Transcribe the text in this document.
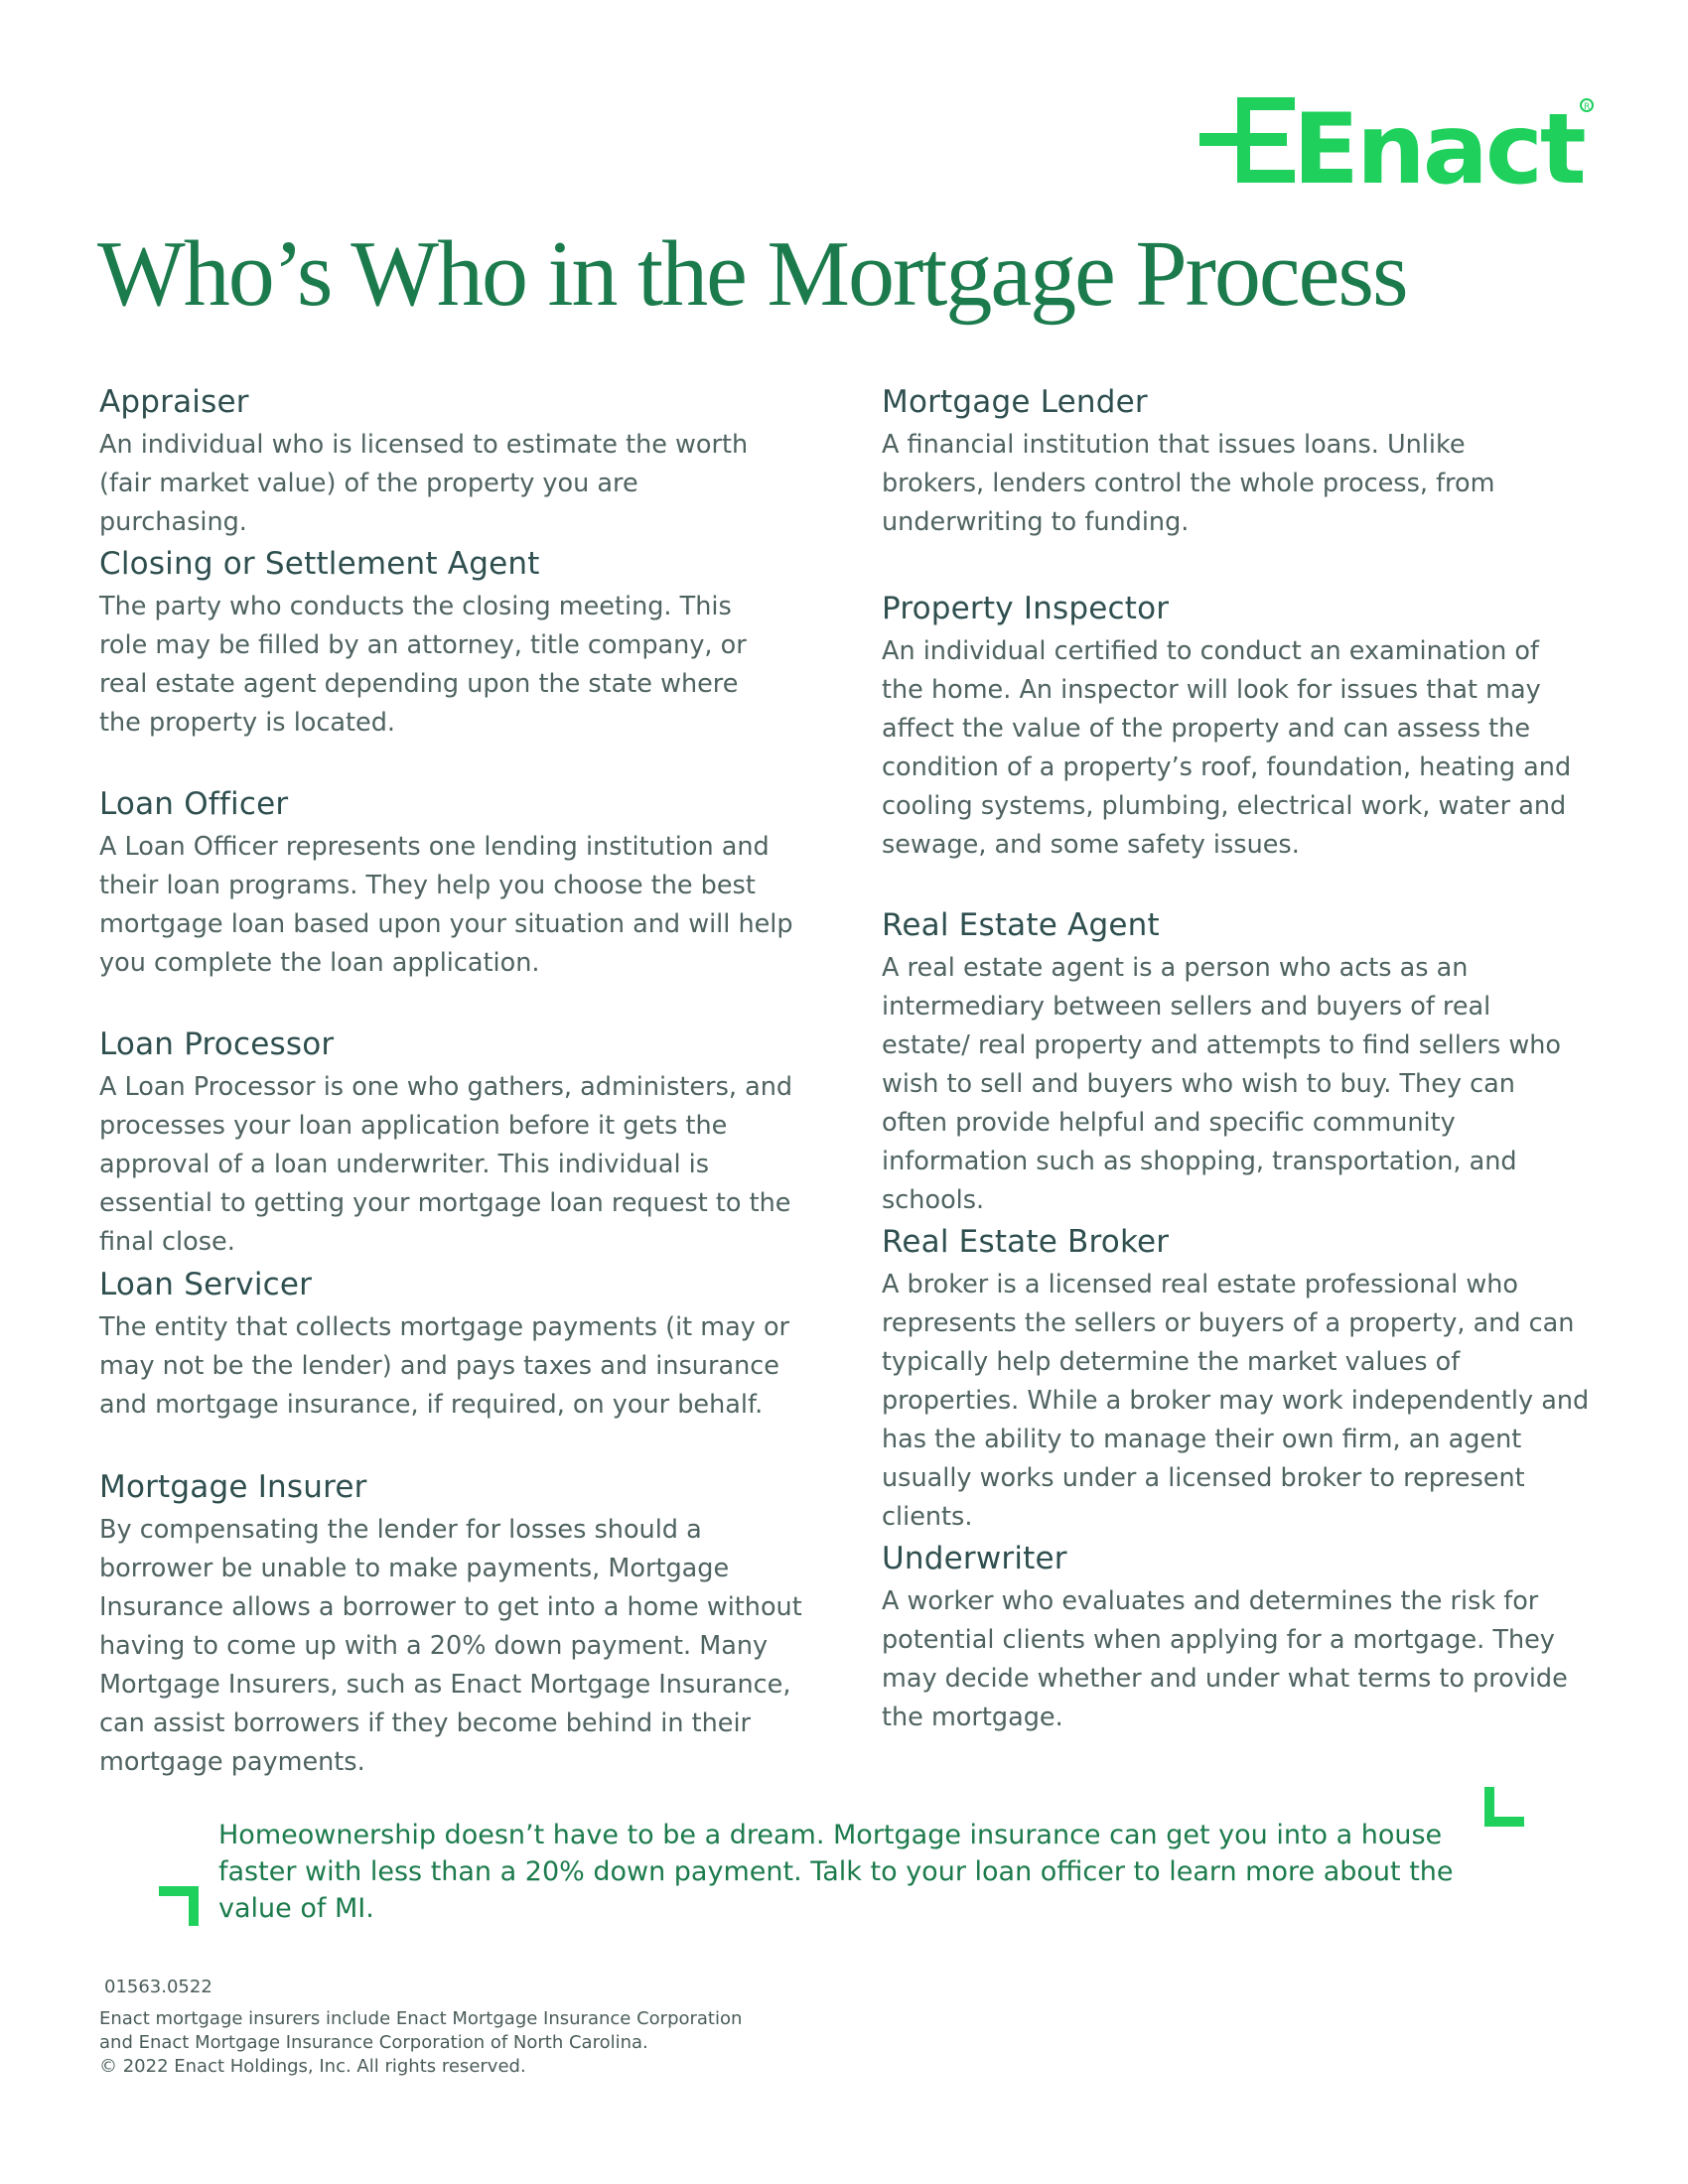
Enact R
Who’s Who in the Mortgage Process
Appraiser

An individual who is licensed to estimate the worth (fair market value) of the property you are purchasing.

Closing or Settlement Agent

The party who conducts the closing meeting. This role may be filled by an attorney, title company, or real estate agent depending upon the state where the property is located.

Loan Officer

A Loan Officer represents one lending institution and their loan programs. They help you choose the best mortgage loan based upon your situation and will help you complete the loan application.

Loan Processor

A Loan Processor is one who gathers, administers, and processes your loan application before it gets the approval of a loan underwriter. This individual is essential to getting your mortgage loan request to the final close.

Loan Servicer

The entity that collects mortgage payments (it may or may not be the lender) and pays taxes and insurance and mortgage insurance, if required, on your behalf.

Mortgage Insurer

By compensating the lender for losses should a borrower be unable to make payments, Mortgage Insurance allows a borrower to get into a home without having to come up with a 20% down payment. Many Mortgage Insurers, such as Enact Mortgage Insurance, can assist borrowers if they become behind in their mortgage payments.

Mortgage Lender

A financial institution that issues loans. Unlike brokers, lenders control the whole process, from underwriting to funding.

Property Inspector

An individual certified to conduct an examination of the home. An inspector will look for issues that may affect the value of the property and can assess the condition of a property’s roof, foundation, heating and cooling systems, plumbing, electrical work, water and sewage, and some safety issues.

Real Estate Agent

A real estate agent is a person who acts as an intermediary between sellers and buyers of real estate/ real property and attempts to find sellers who wish to sell and buyers who wish to buy. They can often provide helpful and specific community information such as shopping, transportation, and schools.

Real Estate Broker

A broker is a licensed real estate professional who represents the sellers or buyers of a property, and can typically help determine the market values of properties. While a broker may work independently and has the ability to manage their own firm, an agent usually works under a licensed broker to represent clients.

Underwriter

A worker who evaluates and determines the risk for potential clients when applying for a mortgage. They may decide whether and under what terms to provide the mortgage.

Homeownership doesn’t have to be a dream. Mortgage insurance can get you into a house faster with less than a 20% down payment. Talk to your loan officer to learn more about the value of MI.

01563.0522
Enact mortgage insurers include Enact Mortgage Insurance Corporation
and Enact Mortgage Insurance Corporation of North Carolina.
© 2022 Enact Holdings, Inc. All rights reserved.
